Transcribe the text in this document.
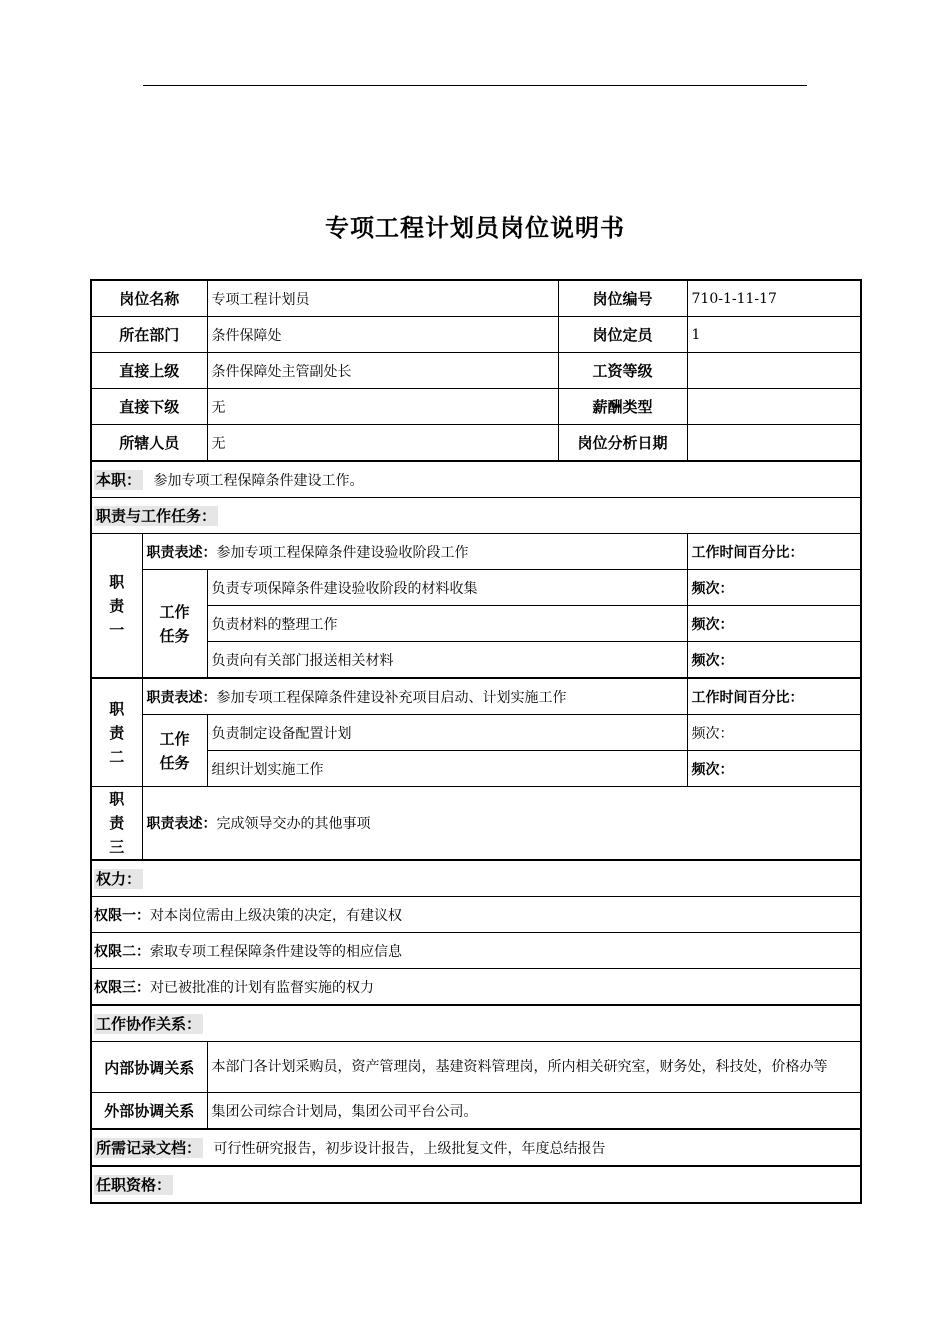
专项工程计划员岗位说明书
岗位名称		专项工程计划员	岗位编号	710-1-11-17
所在部门		条件保障处	岗位定员	1
直接上级		条件保障处主管副处长	工资等级	
直接下级		无	薪酬类型	
所辖人员		无	岗位分析日期	
本职： 参加专项工程保障条件建设工作。				
职责与工作任务：				

职
责
一	职责表述：参加专项工程保障条件建设验收阶段工作			工作时间百分比：
	工作
任务	负责专项保障条件建设验收阶段的材料收集		频次：
		负责材料的整理工作		频次：
		负责向有关部门报送相关材料		频次：

职
责
二	职责表述：参加专项工程保障条件建设补充项目启动、计划实施工作			工作时间百分比：
	工作
任务	负责制定设备配置计划		频次：
		组织计划实施工作		频次：

职
责
三	职责表述：完成领导交办的其他事项			
权力：				
权限一：对本岗位需由上级决策的决定，有建议权				
权限二：索取专项工程保障条件建设等的相应信息				
权限三：对已被批准的计划有监督实施的权力				
工作协作关系：				
内部协调关系		本部门各计划采购员，资产管理岗，基建资料管理岗，所内相关研究室，财务处，科技处，价格办等		
外部协调关系		集团公司综合计划局，集团公司平台公司。		
所需记录文档： 可行性研究报告，初步设计报告，上级批复文件，年度总结报告				
任职资格：				
